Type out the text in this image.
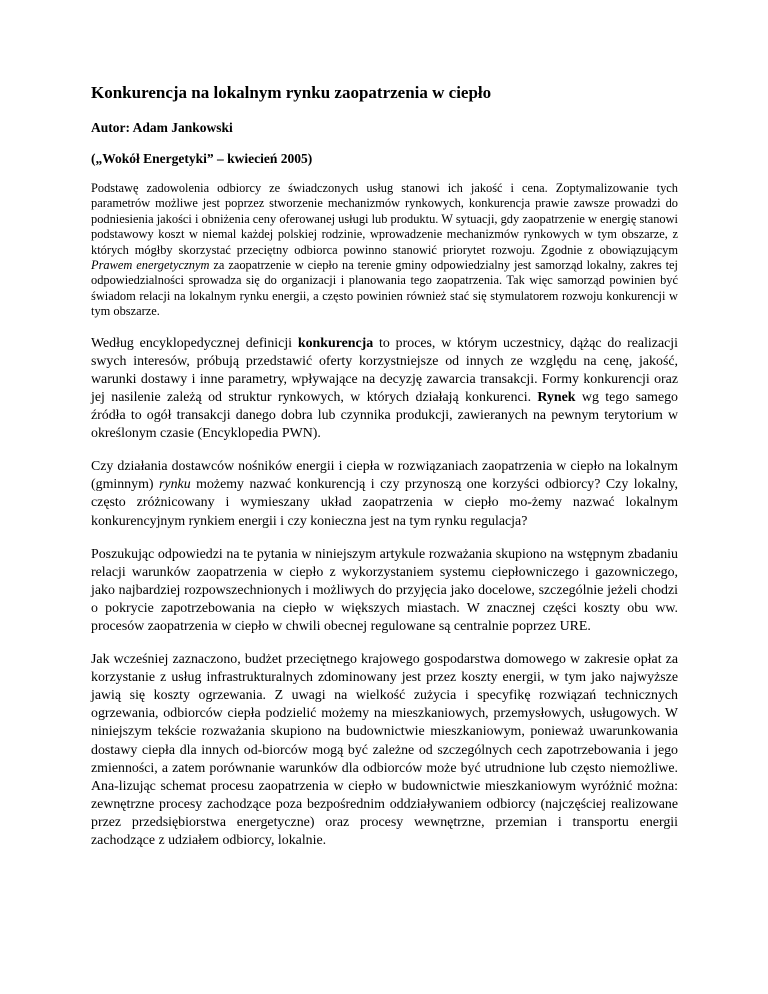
Konkurencja na lokalnym rynku zaopatrzenia w ciepło

Autor: Adam Jankowski

(„Wokół Energetyki” – kwiecień 2005)

Podstawę zadowolenia odbiorcy ze świadczonych usług stanowi ich jakość i cena. Zoptymalizowanie tych parametrów możliwe jest poprzez stworzenie mechanizmów rynkowych, konkurencja prawie zawsze prowadzi do podniesienia jakości i obniżenia ceny oferowanej usługi lub produktu. W sytuacji, gdy zaopatrzenie w energię stanowi podstawowy koszt w niemal każdej polskiej rodzinie, wprowadzenie mechanizmów rynkowych w tym obszarze, z których mógłby skorzystać przeciętny odbiorca powinno stanowić priorytet rozwoju. Zgodnie z obowiązującym Prawem energetycznym za zaopatrzenie w ciepło na terenie gminy odpowiedzialny jest samorząd lokalny, zakres tej odpowiedzialności sprowadza się do organizacji i planowania tego zaopatrzenia. Tak więc samorząd powinien być świadom relacji na lokalnym rynku energii, a często powinien również stać się stymulatorem rozwoju konkurencji w tym obszarze.

Według encyklopedycznej definicji konkurencja to proces, w którym uczestnicy, dążąc do realizacji swych interesów, próbują przedstawić oferty korzystniejsze od innych ze względu na cenę, jakość, warunki dostawy i inne parametry, wpływające na decyzję zawarcia transakcji. Formy konkurencji oraz jej nasilenie zależą od struktur rynkowych, w których działają konkurenci. Rynek wg tego samego źródła to ogół transakcji danego dobra lub czynnika produkcji, zawieranych na pewnym terytorium w określonym czasie (Encyklopedia PWN).

Czy działania dostawców nośników energii i ciepła w rozwiązaniach zaopatrzenia w ciepło na lokalnym (gminnym) rynku możemy nazwać konkurencją i czy przynoszą one korzyści odbiorcy? Czy lokalny, często zróżnicowany i wymieszany układ zaopatrzenia w ciepło mo-żemy nazwać lokalnym konkurencyjnym rynkiem energii i czy konieczna jest na tym rynku regulacja?

Poszukując odpowiedzi na te pytania w niniejszym artykule rozważania skupiono na wstępnym zbadaniu relacji warunków zaopatrzenia w ciepło z wykorzystaniem systemu ciepłowniczego i gazowniczego, jako najbardziej rozpowszechnionych i możliwych do przyjęcia jako docelowe, szczególnie jeżeli chodzi o pokrycie zapotrzebowania na ciepło w większych miastach. W znacznej części koszty obu ww. procesów zaopatrzenia w ciepło w chwili obecnej regulowane są centralnie poprzez URE.

Jak wcześniej zaznaczono, budżet przeciętnego krajowego gospodarstwa domowego w zakresie opłat za korzystanie z usług infrastrukturalnych zdominowany jest przez koszty energii, w tym jako najwyższe jawią się koszty ogrzewania. Z uwagi na wielkość zużycia i specyfikę rozwiązań technicznych ogrzewania, odbiorców ciepła podzielić możemy na mieszkaniowych, przemysłowych, usługowych. W niniejszym tekście rozważania skupiono na budownictwie mieszkaniowym, ponieważ uwarunkowania dostawy ciepła dla innych od-biorców mogą być zależne od szczególnych cech zapotrzebowania i jego zmienności, a zatem porównanie warunków dla odbiorców może być utrudnione lub często niemożliwe. Ana-lizując schemat procesu zaopatrzenia w ciepło w budownictwie mieszkaniowym wyróżnić można: zewnętrzne procesy zachodzące poza bezpośrednim oddziaływaniem odbiorcy (najczęściej realizowane przez przedsiębiorstwa energetyczne) oraz procesy wewnętrzne, przemian i transportu energii zachodzące z udziałem odbiorcy, lokalnie.
